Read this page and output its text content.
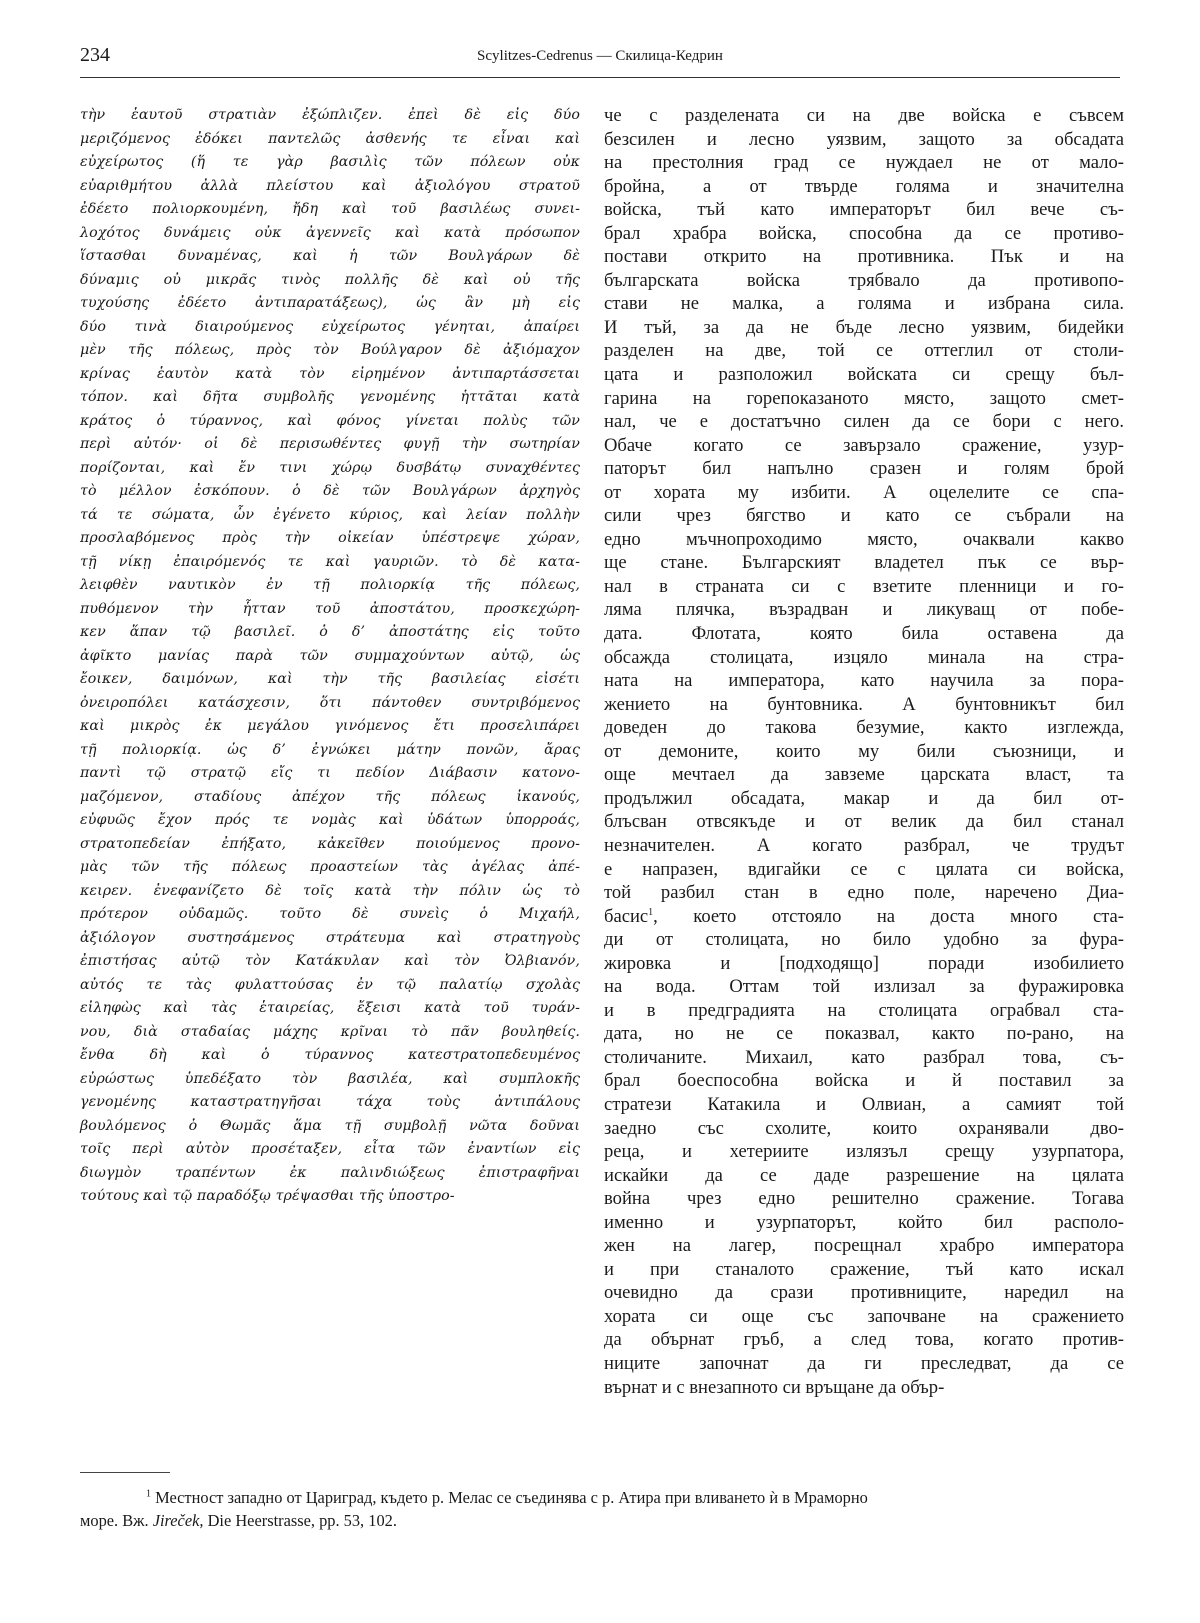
234	Scylitzes-Cedrenus — Скилица-Кедрин
τὴν ἑαυτοῦ στρατιὰν ἐξώπλιζεν. ἐπεὶ δὲ εἰς δύο
μεριζόμενος ἐδόκει παντελῶς ἀσθενής τε εἶναι καὶ
εὐχείρωτος (ἥ τε γὰρ βασιλὶς τῶν πόλεων οὐκ
εὐαριθμήτου ἀλλὰ πλείστου καὶ ἀξιολόγου στρατοῦ
ἐδέετο πολιορκουμένη, ἤδη καὶ τοῦ βασιλέως συνει-
λοχότος δυνάμεις οὐκ ἀγεννεῖς καὶ κατὰ πρόσωπον
ἵστασθαι δυναμένας, καὶ ἡ τῶν Βουλγάρων δὲ
δύναμις οὐ μικρᾶς τινὸς πολλῆς δὲ καὶ οὐ τῆς
τυχούσης ἐδέετο ἀντιπαρατάξεως), ὡς ἂν μὴ εἰς
δύο τινὰ διαιρούμενος εὐχείρωτος γένηται, ἀπαίρει
μὲν τῆς πόλεως, πρὸς τὸν Βούλγαρον δὲ ἀξιόμαχον
κρίνας ἑαυτὸν κατὰ τὸν εἰρημένον ἀντιπαρτάσσεται
τόπον. καὶ δῆτα συμβολῆς γενομένης ἡττᾶται κατὰ
κράτος ὁ τύραννος, καὶ φόνος γίνεται πολὺς τῶν
περὶ αὐτόν· οἱ δὲ περισωθέντες φυγῇ τὴν σωτηρίαν
πορίζονται, καὶ ἔν τινι χώρῳ δυσβάτῳ συναχθέντες
τὸ μέλλον ἐσκόπουν. ὁ δὲ τῶν Βουλγάρων ἀρχηγὸς
τά τε σώματα, ὧν ἐγένετο κύριος, καὶ λείαν πολλὴν
προσλαβόμενος πρὸς τὴν οἰκείαν ὑπέστρεψε χώραν,
τῇ νίκῃ ἐπαιρόμενός τε καὶ γαυριῶν. τὸ δὲ κατα-
λειφθὲν ναυτικὸν ἐν τῇ πολιορκίᾳ τῆς πόλεως,
πυθόμενον τὴν ἧτταν τοῦ ἀποστάτου, προσκεχώρη-
κεν ἅπαν τῷ βασιλεῖ. ὁ δ’ ἀποστάτης εἰς τοῦτο
ἀφῖκτο μανίας παρὰ τῶν συμμαχούντων αὐτῷ, ὡς
ἔοικεν, δαιμόνων, καὶ τὴν τῆς βασιλείας εἰσέτι
ὀνειροπόλει κατάσχεσιν, ὅτι πάντοθεν συντριβόμενος
καὶ μικρὸς ἐκ μεγάλου γινόμενος ἔτι προσελιπάρει
τῇ πολιορκίᾳ. ὡς δ’ ἐγνώκει μάτην πονῶν, ἄρας
παντὶ τῷ στρατῷ εἴς τι πεδίον Διάβασιν κατονο-
μαζόμενον, σταδίους ἀπέχον τῆς πόλεως ἱκανούς,
εὐφυῶς ἔχον πρός τε νομὰς καὶ ὑδάτων ὑπορροάς,
στρατοπεδείαν ἐπήξατο, κἀκεῖθεν ποιούμενος προνο-
μὰς τῶν τῆς πόλεως προαστείων τὰς ἀγέλας ἀπέ-
κειρεν. ἐνεφανίζετο δὲ τοῖς κατὰ τὴν πόλιν ὡς τὸ
πρότερον οὐδαμῶς. τοῦτο δὲ συνεὶς ὁ Μιχαήλ,
ἀξιόλογον συστησάμενος στράτευμα καὶ στρατηγοὺς
ἐπιστήσας αὐτῷ τὸν Κατάκυλαν καὶ τὸν Ὀλβιανόν,
αὐτός τε τὰς φυλαττούσας ἐν τῷ παλατίῳ σχολὰς
εἰληφὼς καὶ τὰς ἑταιρείας, ἔξεισι κατὰ τοῦ τυράν-
νου, διὰ σταδαίας μάχης κρῖναι τὸ πᾶν βουληθείς.
ἔνθα δὴ καὶ ὁ τύραννος κατεστρατοπεδευμένος
εὐρώστως ὑπεδέξατο τὸν βασιλέα, καὶ συμπλοκῆς
γενομένης καταστρατηγῆσαι τάχα τοὺς ἀντιπάλους
βουλόμενος ὁ Θωμᾶς ἅμα τῇ συμβολῇ νῶτα δοῦναι
τοῖς περὶ αὐτὸν προσέταξεν, εἶτα τῶν ἐναντίων εἰς
διωγμὸν τραπέντων ἐκ παλινδιώξεως ἐπιστραφῆναι
τούτους καὶ τῷ παραδόξῳ τρέψασθαι τῆς ὑποστρο-
че с разделената си на две войска е съвсем
безсилен и лесно уязвим, защото за обсадата
на престолния град се нуждаел не от мало-
бройна, а от твърде голяма и значителна
войска, тъй като императорът бил вече съ-
брал храбра войска, способна да се противо-
постави открито на противника. Пък и на
българската войска трябвало да противопо-
стави не малка, а голяма и избрана сила.
И тъй, за да не бъде лесно уязвим, бидейки
разделен на две, той се оттеглил от столи-
цата и разположил войската си срещу бъл-
гарина на горепоказаното място, защото смет-
нал, че е достатъчно силен да се бори с него.
Обаче когато се завързало сражение, узур-
паторът бил напълно сразен и голям брой
от хората му избити. А оцелелите се спа-
сили чрез бягство и като се събрали на
едно мъчнопроходимо място, очаквали какво
ще стане. Българският владетел пък се вър-
нал в страната си с взетите пленници и го-
ляма плячка, възрадван и ликуващ от побе-
дата. Флотата, която била оставена да
обсажда столицата, изцяло минала на стра-
ната на императора, като научила за пора-
жението на бунтовника. А бунтовникът бил
доведен до такова безумие, както изглежда,
от демоните, които му били съюзници, и
още мечтаел да завземе царската власт, та
продължил обсадата, макар и да бил от-
блъсван отвсякъде и от велик да бил станал
незначителен. А когато разбрал, че трудът
е напразен, вдигайки се с цялата си войска,
той разбил стан в едно поле, наречено Диа-
басис$^1$, което отстояло на доста много ста-
ди от столицата, но било удобно за фура-
жировка и [подходящо] поради изобилието
на вода. Оттам той излизал за фуражировка
и в предградията на столицата ограбвал ста-
дата, но не се показвал, както по-рано, на
столичаните. Михаил, като разбрал това, съ-
брал боеспособна войска и й поставил за
стратези Катакила и Олвиан, а самият той
заедно със схолите, които охранявали дво-
реца, и хетериите излязъл срещу узурпатора,
искайки да се даде разрешение на цялата
война чрез едно решително сражение. Тогава
именно и узурпаторът, който бил располо-
жен на лагер, посрещнал храбро императора
и при станалото сражение, тъй като искал
очевидно да срази противниците, наредил на
хората си още със започване на сражението
да обърнат гръб, а след това, когато против-
ниците започнат да ги преследват, да се
върнат и с внезапното си връщане да обър-
$^1$ Местност западно от Цариград, където р. Мелас се съединява с р. Атира при вливането ѝ в Мраморно
море. Вж. Jireček, Die Heerstrasse, pp. 53, 102.
